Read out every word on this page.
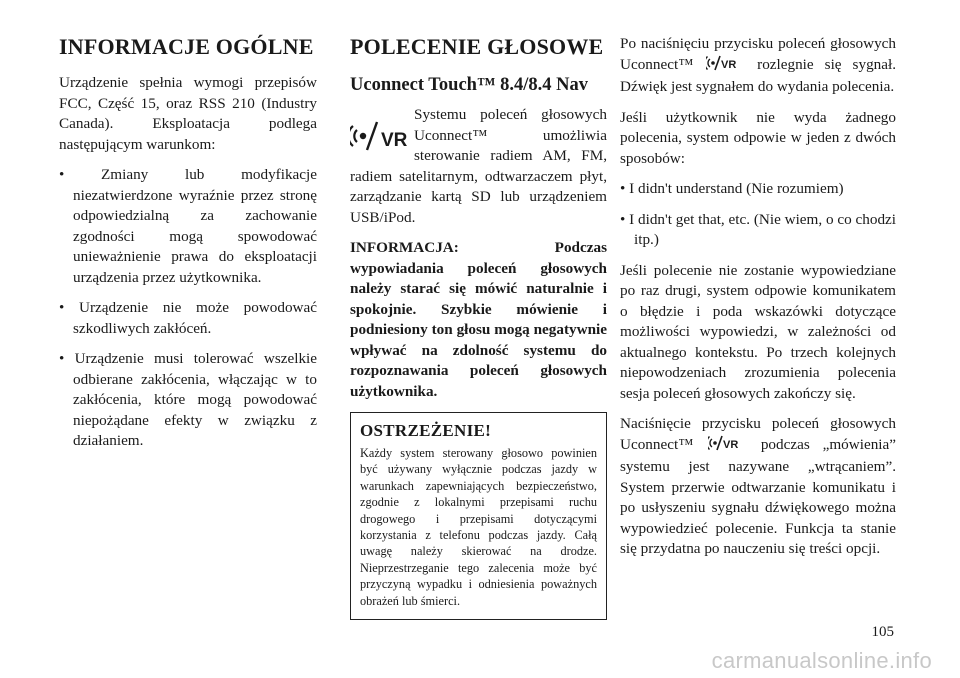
INFORMACJE OGÓLNE

Urządzenie spełnia wymogi przepisów FCC, Część 15, oraz RSS 210 (Industry Canada). Eksploatacja podlega następującym warunkom:

• Zmiany lub modyfikacje niezatwierdzone wyraźnie przez stronę odpowiedzialną za zachowanie zgodności mogą spowodować unieważnienie prawa do eksploatacji urządzenia przez użytkownika.
• Urządzenie nie może powodować szkodliwych zakłóceń.
• Urządzenie musi tolerować wszelkie odbierane zakłócenia, włączając w to zakłócenia, które mogą powodować niepożądane efekty w związku z działaniem.
POLECENIE GŁOSOWE
Uconnect Touch™ 8.4/8.4 Nav
VR

Systemu poleceń głosowych Uconnect™ umożliwia sterowanie radiem AM, FM, radiem satelitarnym, odtwarzaczem płyt, zarządzanie kartą SD lub urządzeniem USB/iPod.

INFORMACJA: Podczas wypowiadania poleceń głosowych należy starać się mówić naturalnie i spokojnie. Szybkie mówienie i podniesiony ton głosu mogą negatywnie wpływać na zdolność systemu do rozpoznawania poleceń głosowych użytkownika.

OSTRZEŻENIE!

Każdy system sterowany głosowo powinien być używany wyłącznie podczas jazdy w warunkach zapewniających bezpieczeństwo, zgodnie z lokalnymi przepisami ruchu drogowego i przepisami dotyczącymi korzystania z telefonu podczas jazdy. Całą uwagę należy skierować na drodze. Nieprzestrzeganie tego zalecenia może być przyczyną wypadku i odniesienia poważnych obrażeń lub śmierci.

Po naciśnięciu przycisku poleceń głosowych Uconnect™	VR rozlegnie się sygnał. Dźwięk jest sygnałem do wydania polecenia.

Jeśli użytkownik nie wyda żadnego polecenia, system odpowie w jeden z dwóch sposobów:

• I didn't understand (Nie rozumiem)
• I didn't get that, etc. (Nie wiem, o co chodzi itp.)

Jeśli polecenie nie zostanie wypowiedziane po raz drugi, system odpowie komunikatem o błędzie i poda wskazówki dotyczące możliwości wypowiedzi, w zależności od aktualnego kontekstu. Po trzech kolejnych niepowodzeniach zrozumienia polecenia sesja poleceń głosowych zakończy się.

Naciśnięcie przycisku poleceń głosowych Uconnect™	VR podczas „mówienia” systemu jest nazywane „wtrącaniem”. System przerwie odtwarzanie komunikatu i po usłyszeniu sygnału dźwiękowego można wypowiedzieć polecenie. Funkcja ta stanie się przydatna po nauczeniu się treści opcji.

105
carmanualsonline.info
